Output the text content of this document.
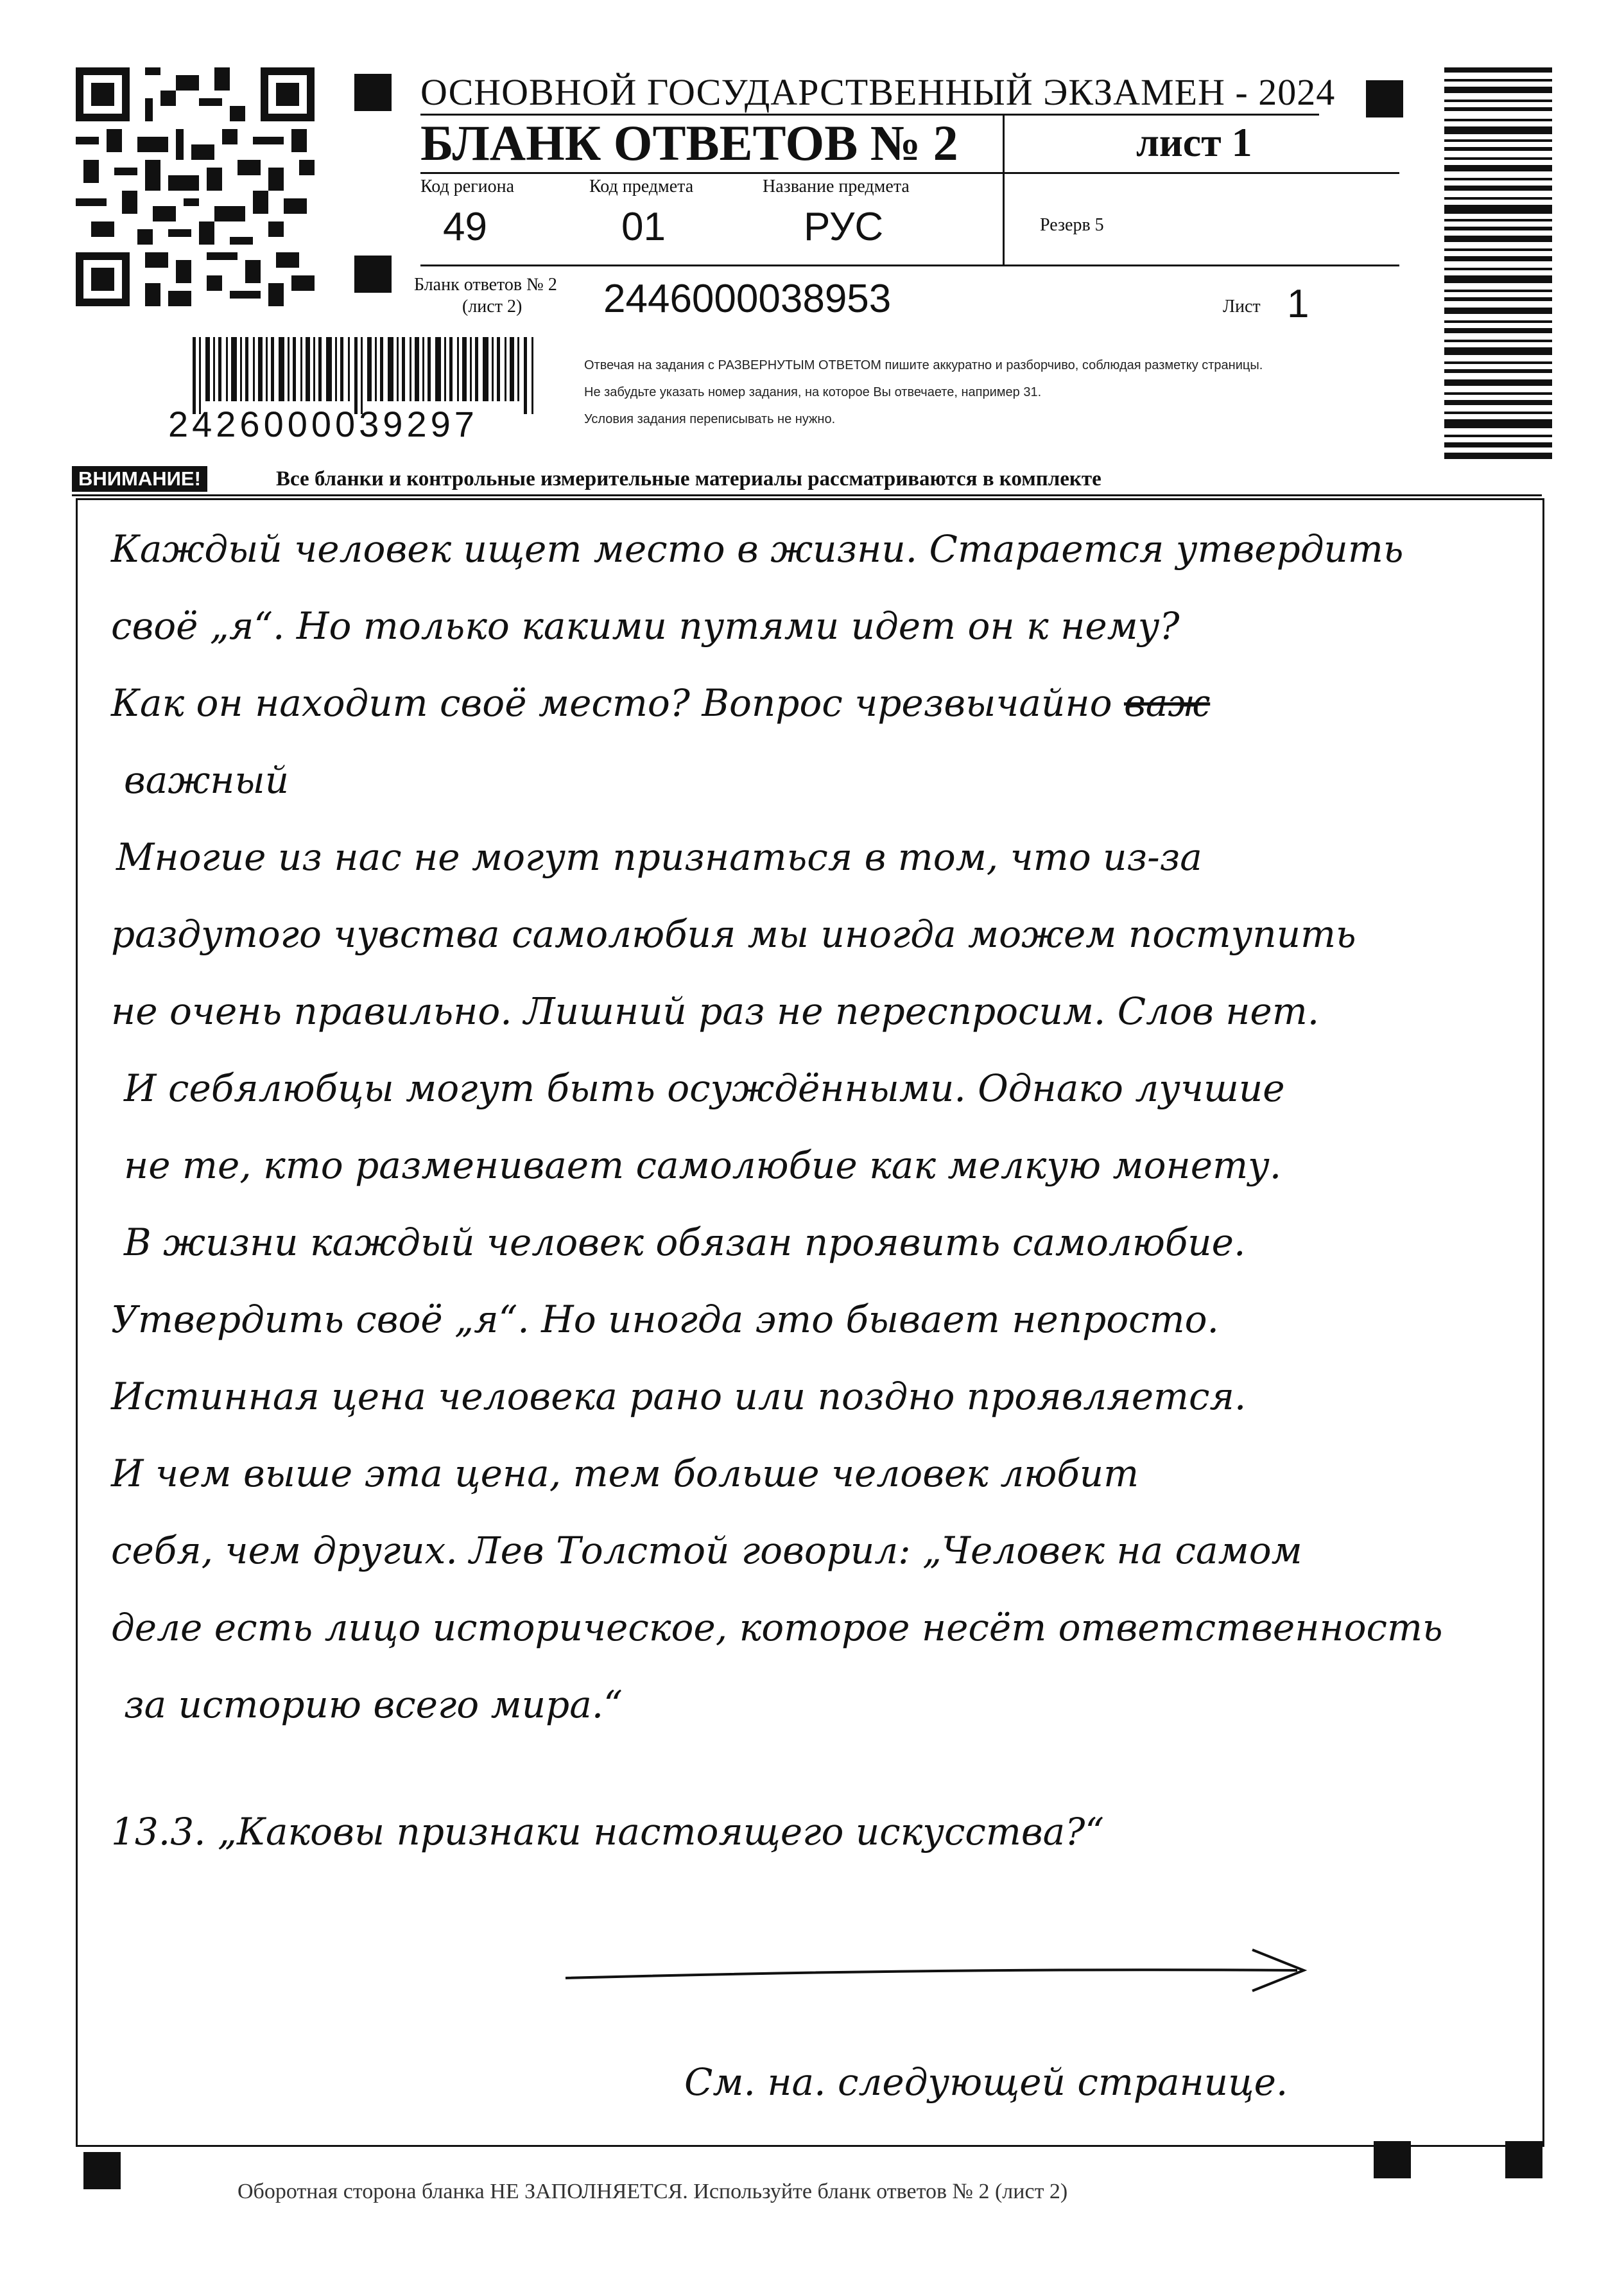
ОСНОВНОЙ ГОСУДАРСТВЕННЫЙ ЭКЗАМЕН - 2024
БЛАНК ОТВЕТОВ № 2	лист 1
Код региона
49
Код предмета
01
Название предмета
РУС	Резерв 5
Бланк ответов № 2
(лист 2) 2446000038953	Лист 1
2426000039297
Отвечая на задания с РАЗВЕРНУТЫМ ОТВЕТОМ пишите аккуратно и разборчиво, соблюдая разметку страницы.
Не забудьте указать номер задания, на которое Вы отвечаете, например 31.
Условия задания переписывать не нужно.
ВНИМАНИЕ!	Все бланки и контрольные измерительные материалы рассматриваются в комплекте
Каждый человек ищет место в жизни. Старается утвердить
своё „я“. Но только какими путями идет он к нему?
Как он находит своё место? Вопрос чрезвычайно важ
важный
Многие из нас не могут признаться в том, что из-за
раздутого чувства самолюбия мы иногда можем поступить
не очень правильно. Лишний раз не переспросим. Слов нет.
И себялюбцы могут быть осуждёнными. Однако лучшие
не те, кто разменивает самолюбие как мелкую монету.
В жизни каждый человек обязан проявить самолюбие.
Утвердить своё „я“. Но иногда это бывает непросто.
Истинная цена человека рано или поздно проявляется.
И чем выше эта цена, тем больше человек любит
себя, чем других. Лев Толстой говорил: „Человек на самом
деле есть лицо историческое, которое несёт ответственность
за историю всего мира.“
13.3. „Каковы признаки настоящего искусства?“
См. на. следующей странице.
Оборотная сторона бланка НЕ ЗАПОЛНЯЕТСЯ. Используйте бланк ответов № 2 (лист 2)
